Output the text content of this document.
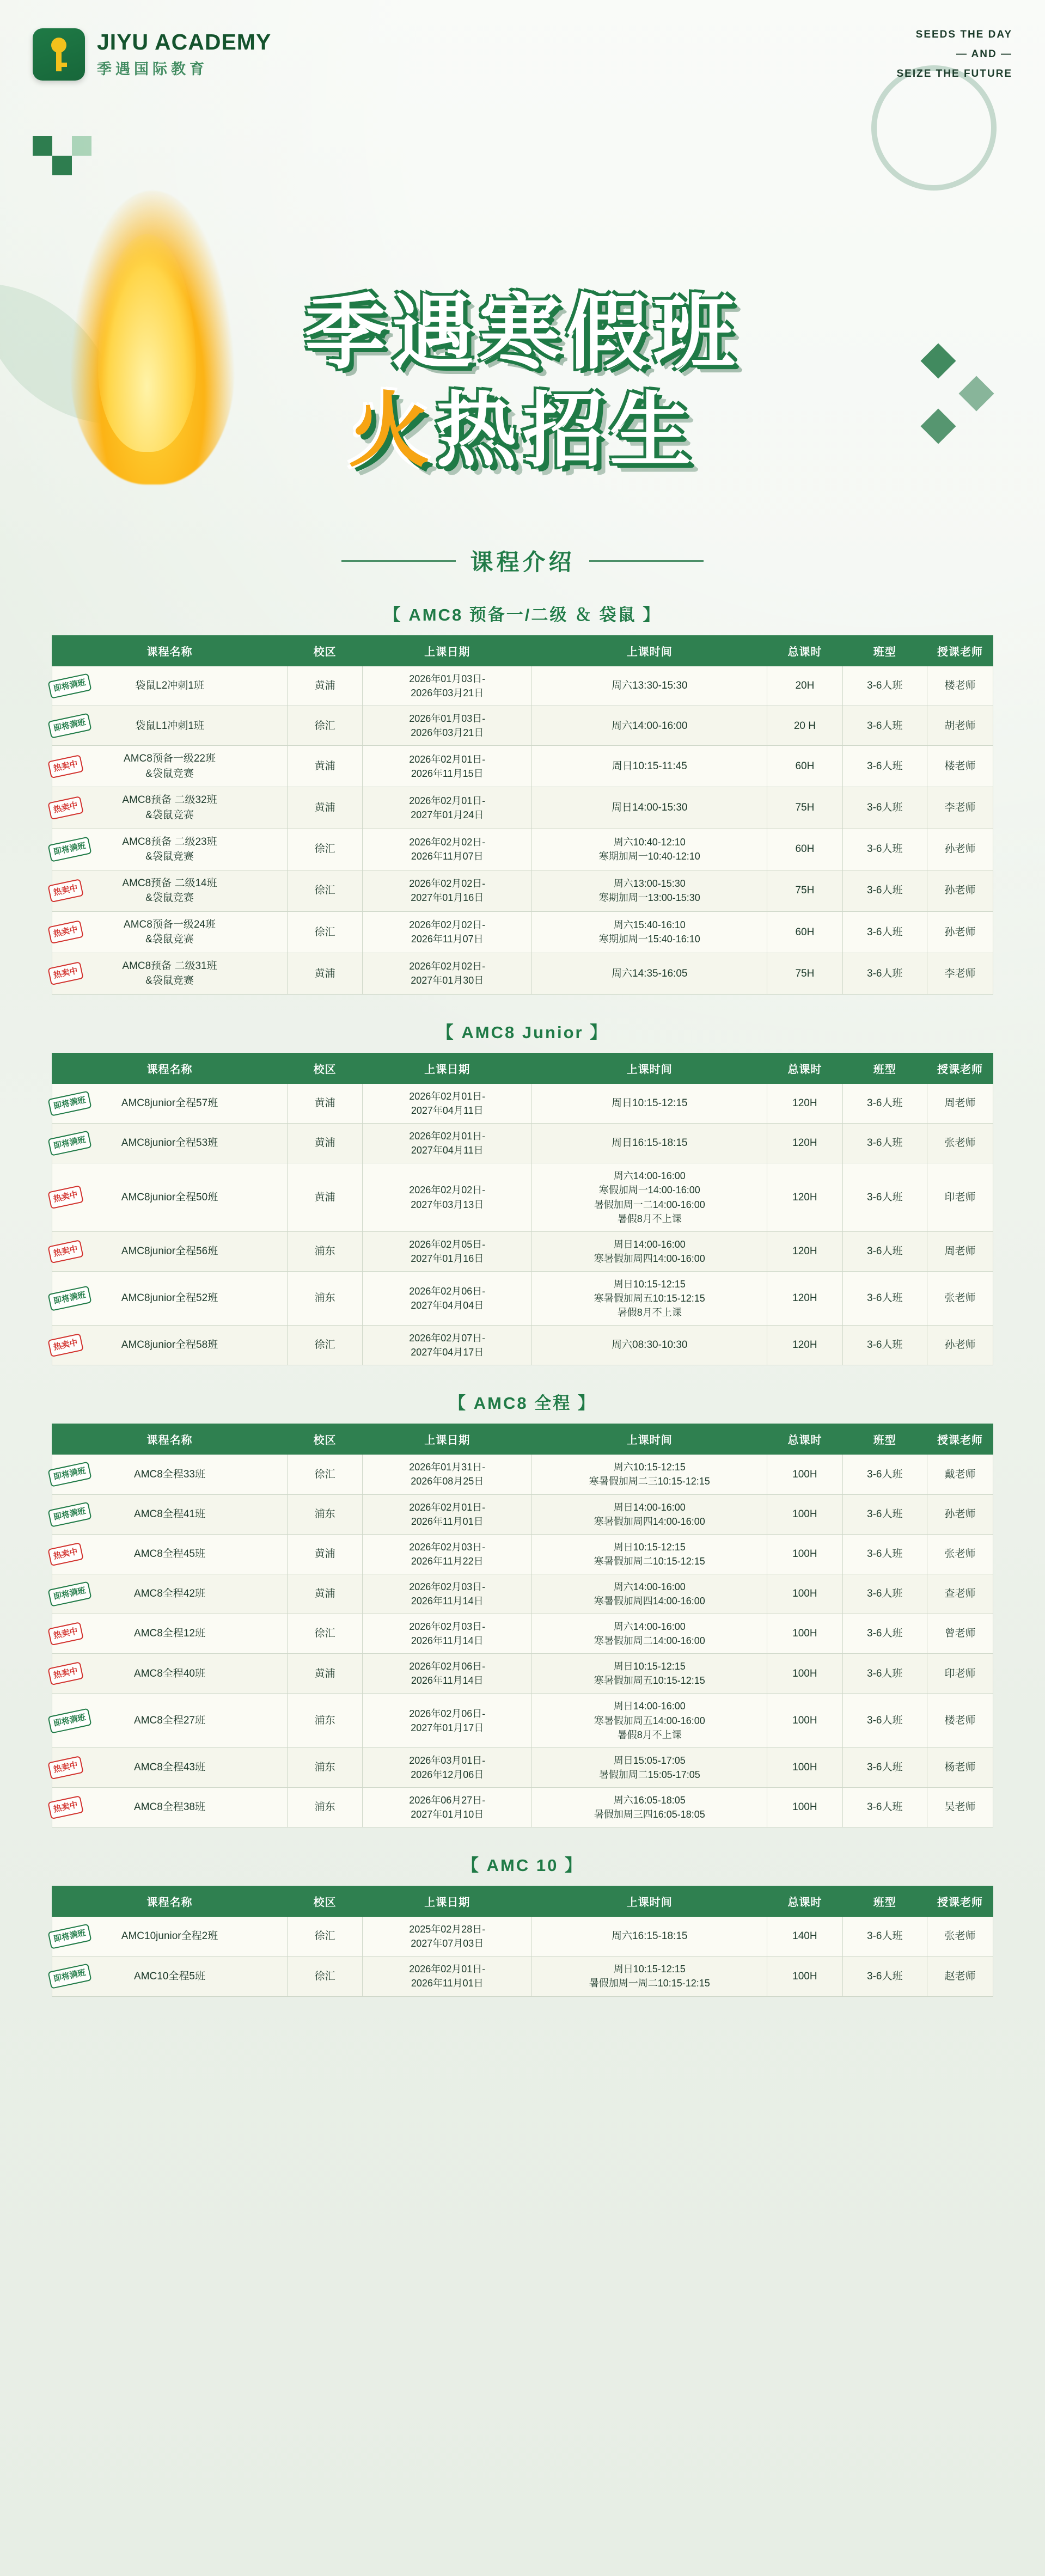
JIYU ACADEMY
季遇国际教育
SEEDS THE DAY
— AND —
SEIZE THE FUTURE
季遇寒假班
火热招生
课程介绍
【 AMC8 预备一/二级 ＆ 袋鼠 】
课程名称	校区	上课日期	上课时间	总课时	班型	授课老师

即将满班 袋鼠L2冲刺1班	黄浦	2026年01月03日-
2026年03月21日	周六13:30-15:30	20H	3-6人班	楼老师

即将满班 袋鼠L1冲刺1班	徐汇	2026年01月03日-
2026年03月21日	周六14:00-16:00	20 H	3-6人班	胡老师

热卖中
AMC8预备一级22班
&袋鼠竞赛	黄浦	2026年02月01日-
2026年11月15日	周日10:15-11:45	60H	3-6人班	楼老师

热卖中
AMC8预备 二级32班
&袋鼠竞赛	黄浦	2026年02月01日-
2027年01月24日	周日14:00-15:30	75H	3-6人班	李老师

即将满班 AMC8预备 二级23班
&袋鼠竞赛	徐汇	2026年02月02日-
2026年11月07日	周六10:40-12:10
寒期加周一10:40-12:10	60H	3-6人班	孙老师

热卖中
AMC8预备 二级14班
&袋鼠竞赛	徐汇	2026年02月02日-
2027年01月16日	周六13:00-15:30
寒期加周一13:00-15:30	75H	3-6人班	孙老师

热卖中
AMC8预备一级24班
&袋鼠竞赛	徐汇	2026年02月02日-
2026年11月07日	周六15:40-16:10
寒期加周一15:40-16:10	60H	3-6人班	孙老师

热卖中
AMC8预备 二级31班
&袋鼠竞赛	黄浦	2026年02月02日-
2027年01月30日	周六14:35-16:05	75H	3-6人班	李老师
【 AMC8 Junior 】
课程名称	校区	上课日期	上课时间	总课时	班型	授课老师

即将满班 AMC8junior全程57班	黄浦	2026年02月01日-
2027年04月11日	周日10:15-12:15	120H	3-6人班	周老师

即将满班 AMC8junior全程53班	黄浦	2026年02月01日-
2027年04月11日	周日16:15-18:15	120H	3-6人班	张老师

热卖中 AMC8junior全程50班	黄浦	2026年02月02日-
2027年03月13日	周六14:00-16:00
寒假加周一14:00-16:00
暑假加周一二14:00-16:00
暑假8月不上课	120H	3-6人班	印老师

热卖中 AMC8junior全程56班	浦东	2026年02月05日-
2027年01月16日	周日14:00-16:00
寒暑假加周四14:00-16:00	120H	3-6人班	周老师

即将满班 AMC8junior全程52班	浦东	2026年02月06日-
2027年04月04日	周日10:15-12:15
寒暑假加周五10:15-12:15
暑假8月不上课	120H	3-6人班	张老师

热卖中 AMC8junior全程58班	徐汇	2026年02月07日-
2027年04月17日	周六08:30-10:30	120H	3-6人班	孙老师
【 AMC8 全程 】
课程名称	校区	上课日期	上课时间	总课时	班型	授课老师

即将满班 AMC8全程33班	徐汇	2026年01月31日-
2026年08月25日	周六10:15-12:15
寒暑假加周二三10:15-12:15	100H	3-6人班	戴老师

即将满班 AMC8全程41班	浦东	2026年02月01日-
2026年11月01日	周日14:00-16:00
寒暑假加周四14:00-16:00	100H	3-6人班	孙老师

热卖中 AMC8全程45班	黄浦	2026年02月03日-
2026年11月22日	周日10:15-12:15
寒暑假加周二10:15-12:15	100H	3-6人班	张老师

即将满班 AMC8全程42班	黄浦	2026年02月03日-
2026年11月14日	周六14:00-16:00
寒暑假加周四14:00-16:00	100H	3-6人班	查老师

热卖中 AMC8全程12班	徐汇	2026年02月03日-
2026年11月14日	周六14:00-16:00
寒暑假加周二14:00-16:00	100H	3-6人班	曾老师

热卖中 AMC8全程40班	黄浦	2026年02月06日-
2026年11月14日	周日10:15-12:15
寒暑假加周五10:15-12:15	100H	3-6人班	印老师

即将满班 AMC8全程27班	浦东	2026年02月06日-
2027年01月17日	周日14:00-16:00
寒暑假加周五14:00-16:00
暑假8月不上课	100H	3-6人班	楼老师

热卖中 AMC8全程43班	浦东	2026年03月01日-
2026年12月06日	周日15:05-17:05
暑假加周二15:05-17:05	100H	3-6人班	杨老师

热卖中 AMC8全程38班	浦东	2026年06月27日-
2027年01月10日	周六16:05-18:05
暑假加周三四16:05-18:05	100H	3-6人班	吴老师
【 AMC 10 】
课程名称	校区	上课日期	上课时间	总课时	班型	授课老师

即将满班 AMC10junior全程2班	徐汇	2025年02月28日-
2027年07月03日	周六16:15-18:15	140H	3-6人班	张老师

即将满班 AMC10全程5班	徐汇	2026年02月01日-
2026年11月01日	周日10:15-12:15
暑假加周一周二10:15-12:15	100H	3-6人班	赵老师
